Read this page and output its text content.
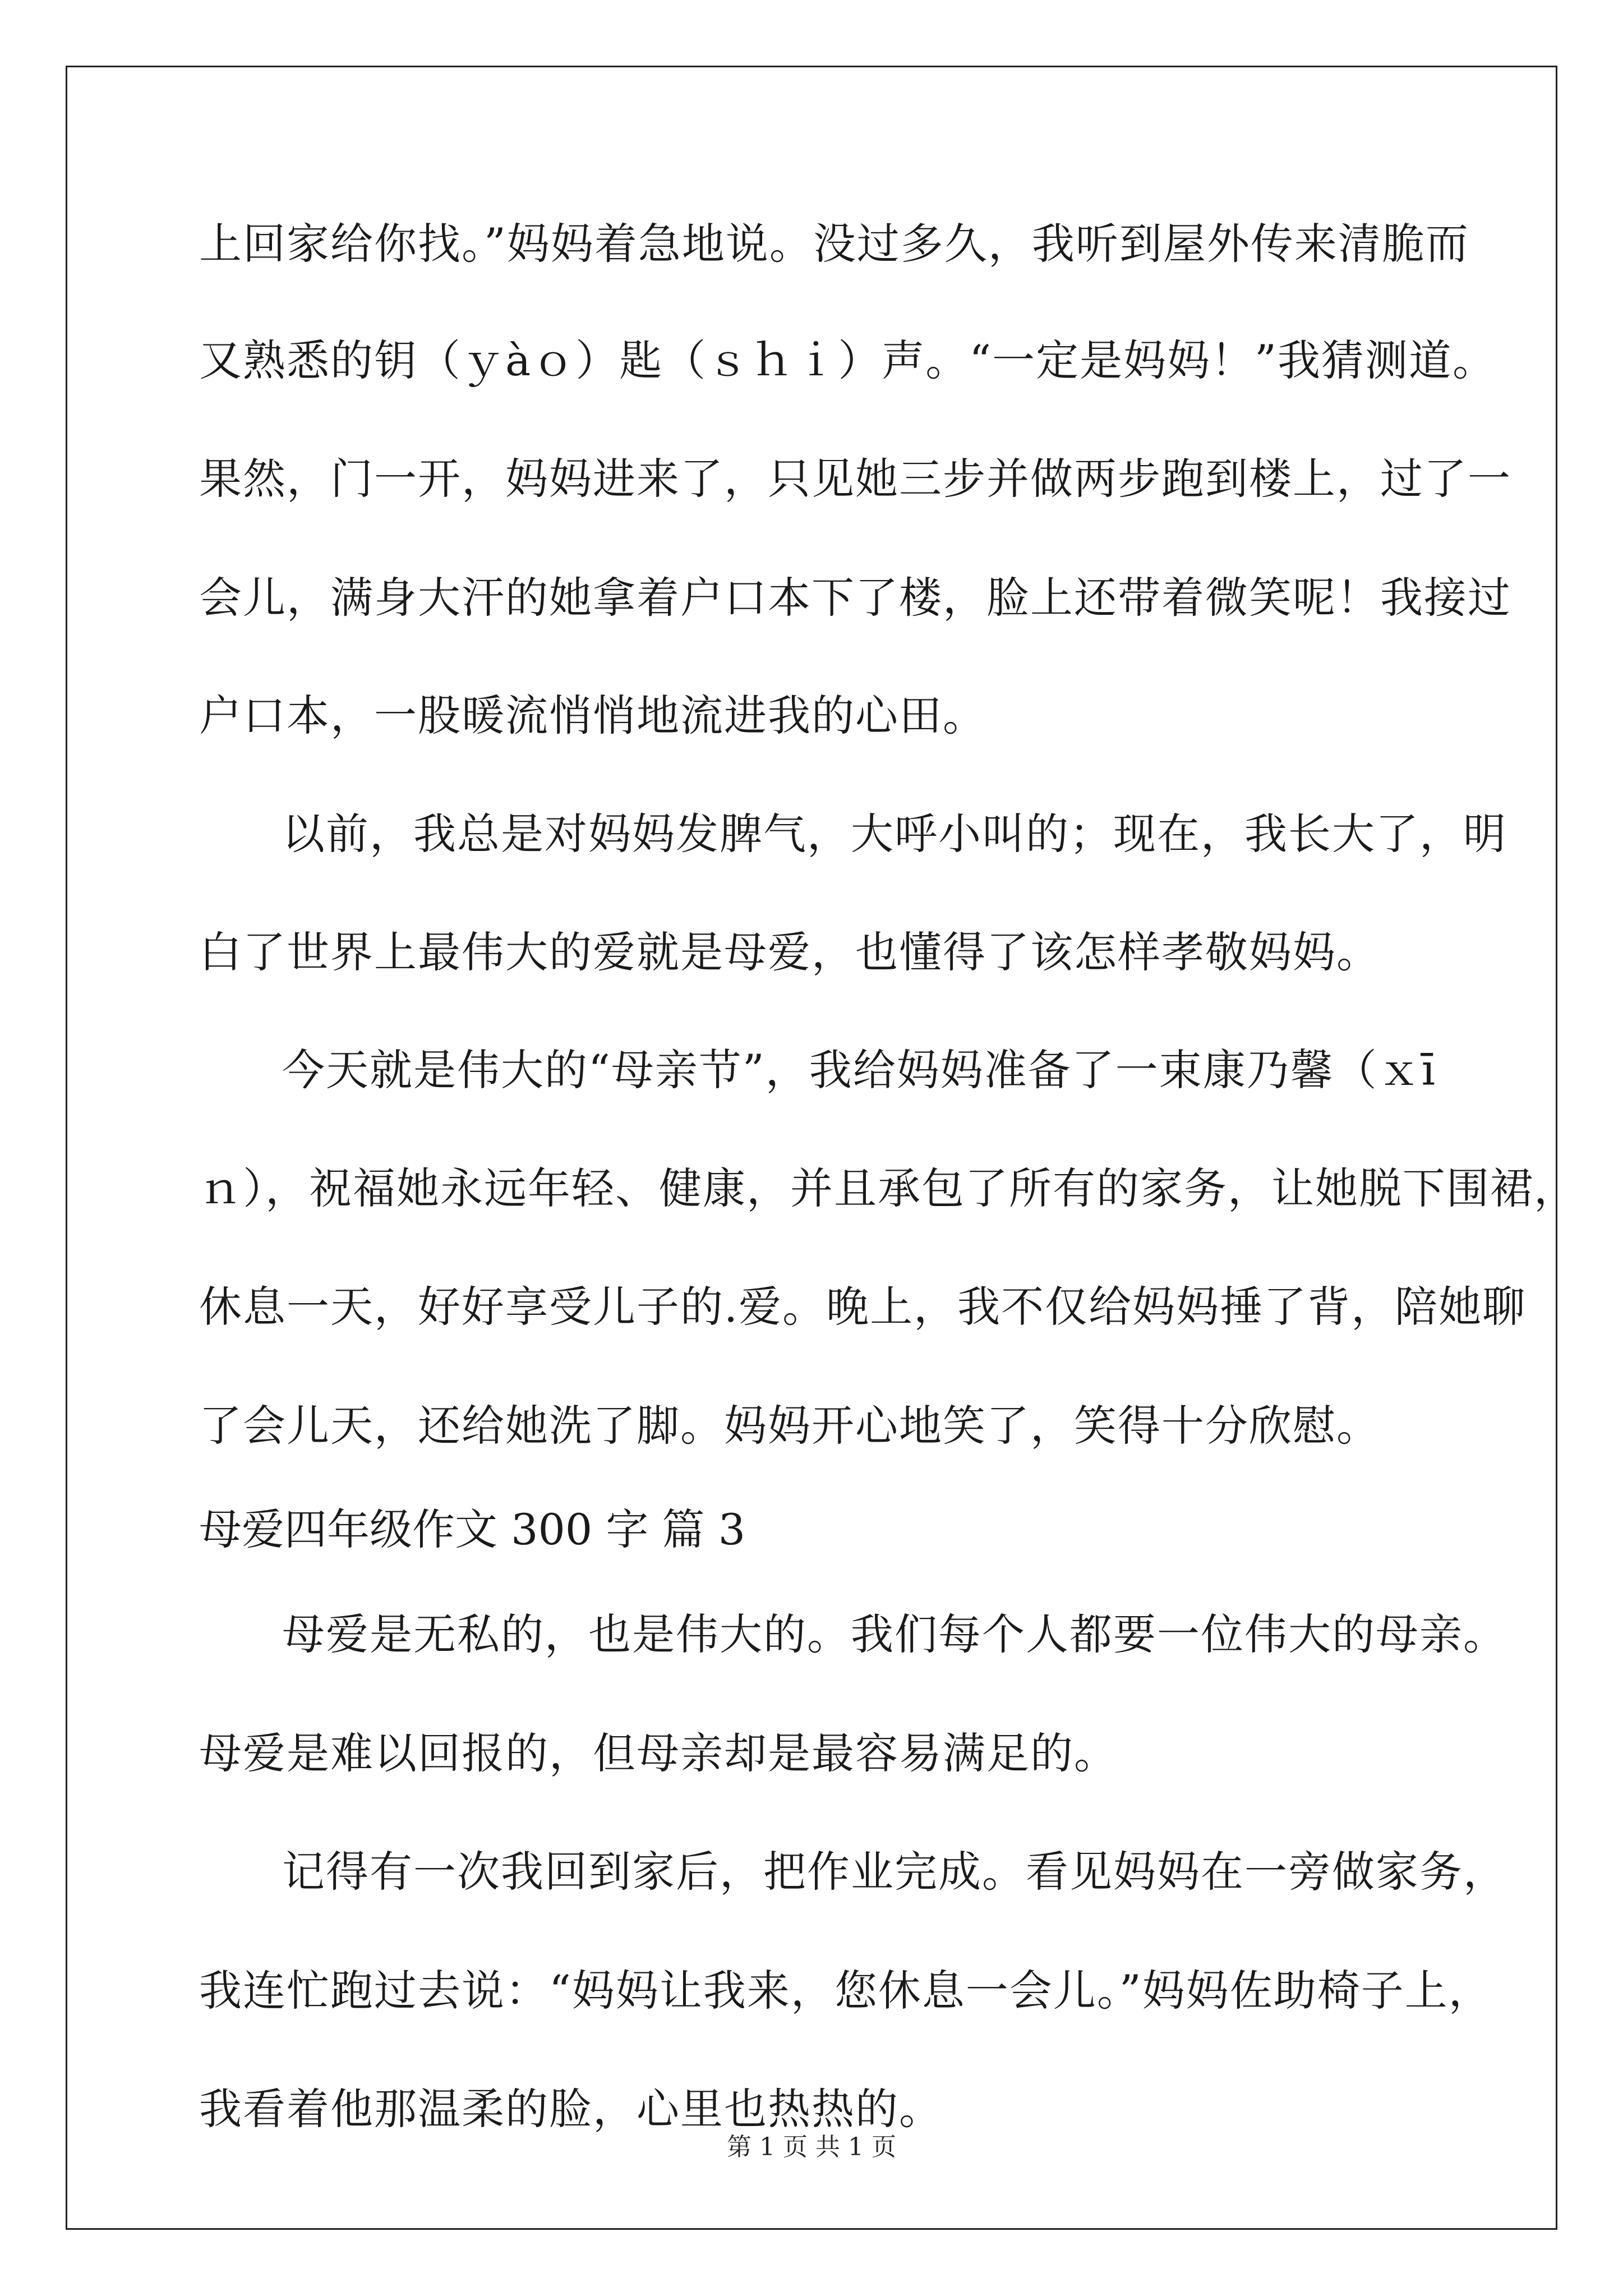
上回家给你找。”妈妈着急地说。没过多久，我听到屋外传来清脆而
又熟悉的钥（ｙàｏ）匙（ｓｈｉ）声。“一定是妈妈！”我猜测道。
果然，门一开，妈妈进来了，只见她三步并做两步跑到楼上，过了一
会儿，满身大汗的她拿着户口本下了楼，脸上还带着微笑呢！我接过
户口本，一股暖流悄悄地流进我的心田。
以前，我总是对妈妈发脾气，大呼小叫的；现在，我长大了，明
白了世界上最伟大的爱就是母爱，也懂得了该怎样孝敬妈妈。
今天就是伟大的“母亲节”，我给妈妈准备了一束康乃馨（ｘī
ｎ），祝福她永远年轻、健康，并且承包了所有的家务，让她脱下围裙，
休息一天，好好享受儿子的.爱。晚上，我不仅给妈妈捶了背，陪她聊
了会儿天，还给她洗了脚。妈妈开心地笑了，笑得十分欣慰。
母爱四年级作文 300 字 篇 3
母爱是无私的，也是伟大的。我们每个人都要一位伟大的母亲。
母爱是难以回报的，但母亲却是最容易满足的。
记得有一次我回到家后，把作业完成。看见妈妈在一旁做家务，
我连忙跑过去说：“妈妈让我来，您休息一会儿。”妈妈佐助椅子上，
我看着他那温柔的脸，心里也热热的。
第 1 页 共 1 页
